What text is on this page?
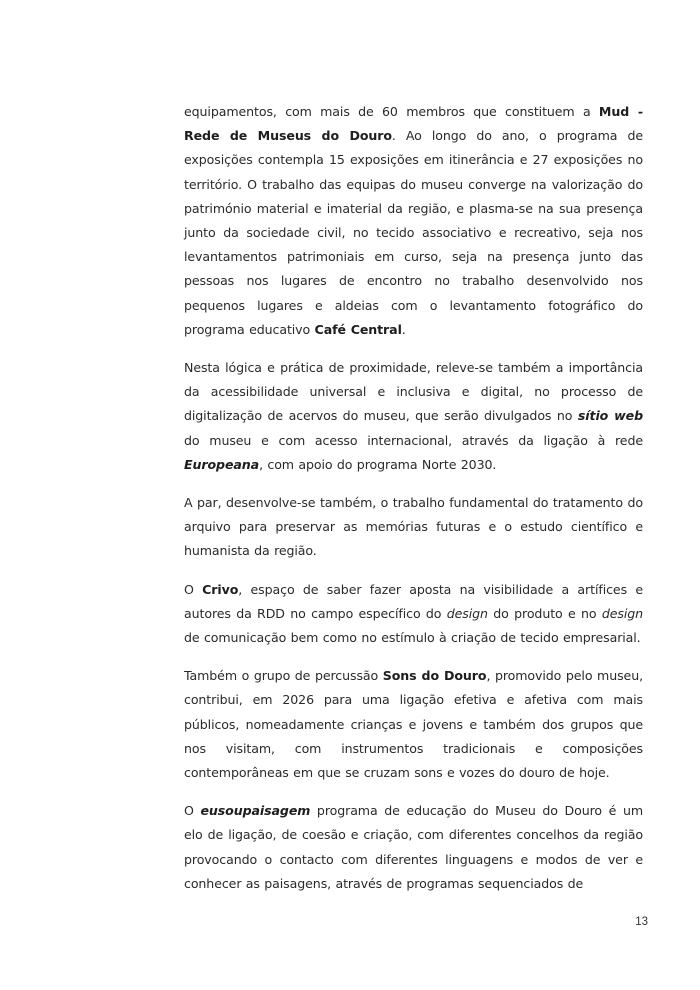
equipamentos, com mais de 60 membros que constituem a Mud - Rede de Museus do Douro. Ao longo do ano, o programa de exposições contempla 15 exposições em itinerância e 27 exposições no território. O trabalho das equipas do museu converge na valorização do património material e imaterial da região, e plasma-se na sua presença junto da sociedade civil, no tecido associativo e recreativo, seja nos levantamentos patrimoniais em curso, seja na presença junto das pessoas nos lugares de encontro no trabalho desenvolvido nos pequenos lugares e aldeias com o levantamento fotográfico do programa educativo Café Central.

Nesta lógica e prática de proximidade, releve-se também a importância da acessibilidade universal e inclusiva e digital, no processo de digitalização de acervos do museu, que serão divulgados no sítio web do museu e com acesso internacional, através da ligação à rede Europeana, com apoio do programa Norte 2030.

A par, desenvolve-se também, o trabalho fundamental do tratamento do arquivo para preservar as memórias futuras e o estudo científico e humanista da região.

O Crivo, espaço de saber fazer aposta na visibilidade a artífices e autores da RDD no campo específico do design do produto e no design de comunicação bem como no estímulo à criação de tecido empresarial.

Também o grupo de percussão Sons do Douro, promovido pelo museu, contribui, em 2026 para uma ligação efetiva e afetiva com mais públicos, nomeadamente crianças e jovens e também dos grupos que nos visitam, com instrumentos tradicionais e composições contemporâneas em que se cruzam sons e vozes do douro de hoje.

O eusoupaisagem programa de educação do Museu do Douro é um elo de ligação, de coesão e criação, com diferentes concelhos da região provocando o contacto com diferentes linguagens e modos de ver e conhecer as paisagens, através de programas sequenciados de

13
